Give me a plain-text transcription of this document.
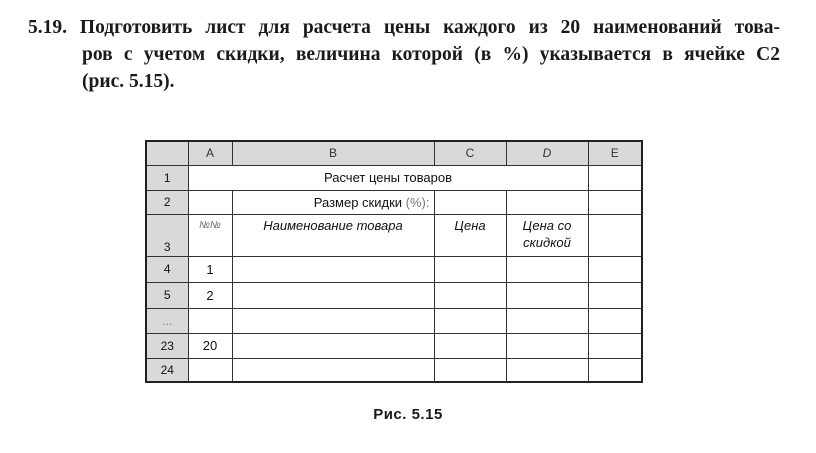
5.19. Подготовить лист для расчета цены каждого из 20 наименований това-
ров с учетом скидки, величина которой (в %) указывается в ячейке C2
(рис. 5.15).
	A	B	C	D	E
1	Расчет цены товаров				
2		Размер скидки (%):			
3	№№	Наименование товара	Цена	Цена со
скидкой	
4	1				
5	2				
...					
23	20				
24					
Рис. 5.15
